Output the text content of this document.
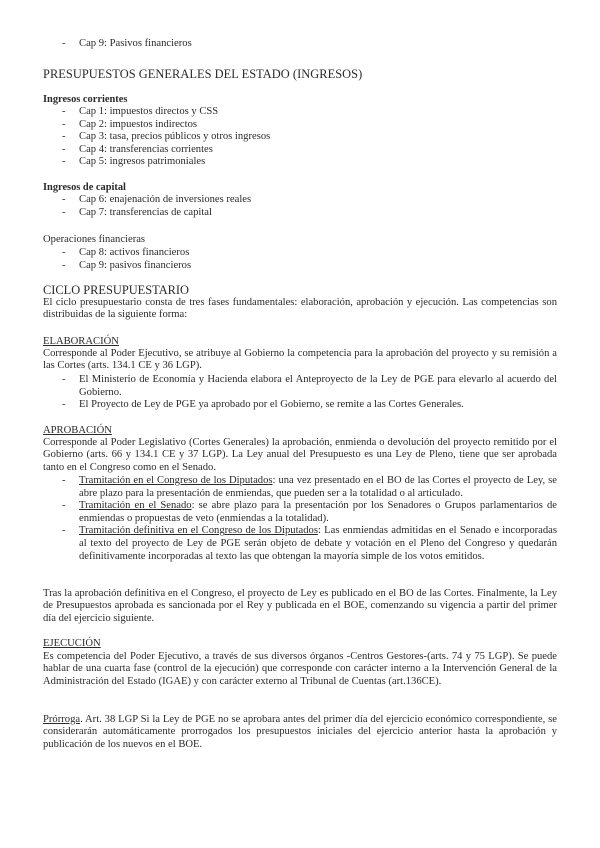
- Cap 9: Pasivos financieros
PRESUPUESTOS GENERALES DEL ESTADO (INGRESOS)
Ingresos corrientes
- Cap 1: impuestos directos y CSS
- Cap 2: impuestos indirectos
- Cap 3: tasa, precios públicos y otros ingresos
- Cap 4: transferencias corrientes
- Cap 5: ingresos patrimoniales
Ingresos de capital
- Cap 6: enajenación de inversiones reales
- Cap 7: transferencias de capital
Operaciones financieras
- Cap 8: activos financieros
- Cap 9: pasivos financieros
CICLO PRESUPUESTARIO

El ciclo presupuestario consta de tres fases fundamentales: elaboración, aprobación y ejecución. Las competencias son distribuidas de la siguiente forma:

ELABORACIÓN

Corresponde al Poder Ejecutivo, se atribuye al Gobierno la competencia para la aprobación del proyecto y su remisión a las Cortes (arts. 134.1 CE y 36 LGP).

- El Ministerio de Economía y Hacienda elabora el Anteproyecto de la Ley de PGE para elevarlo al acuerdo del Gobierno.
- El Proyecto de Ley de PGE ya aprobado por el Gobierno, se remite a las Cortes Generales.

APROBACIÓN

Corresponde al Poder Legislativo (Cortes Generales) la aprobación, enmienda o devolución del proyecto remitido por el Gobierno (arts. 66 y 134.1 CE y 37 LGP). La Ley anual del Presupuesto es una Ley de Pleno, tiene que ser aprobada tanto en el Congreso como en el Senado.

- Tramitación en el Congreso de los Diputados: una vez presentado en el BO de las Cortes el proyecto de Ley, se abre plazo para la presentación de enmiendas, que pueden ser a la totalidad o al articulado.
- Tramitación en el Senado: se abre plazo para la presentación por los Senadores o Grupos parlamentarios de enmiendas o propuestas de veto (enmiendas a la totalidad).
- Tramitación definitiva en el Congreso de los Diputados: Las enmiendas admitidas en el Senado e incorporadas al texto del proyecto de Ley de PGE serán objeto de debate y votación en el Pleno del Congreso y quedarán definitivamente incorporadas al texto las que obtengan la mayoría simple de los votos emitidos.

Tras la aprobación definitiva en el Congreso, el proyecto de Ley es publicado en el BO de las Cortes. Finalmente, la Ley de Presupuestos aprobada es sancionada por el Rey y publicada en el BOE, comenzando su vigencia a partir del primer día del ejercicio siguiente.

EJECUCIÓN

Es competencia del Poder Ejecutivo, a través de sus diversos órganos -Centros Gestores-(arts. 74 y 75 LGP). Se puede hablar de una cuarta fase (control de la ejecución) que corresponde con carácter interno a la Intervención General de la Administración del Estado (IGAE) y con carácter externo al Tribunal de Cuentas (art.136CE).

Prórroga. Art. 38 LGP Si la Ley de PGE no se aprobara antes del primer día del ejercicio económico correspondiente, se considerarán automáticamente prorrogados los presupuestos iniciales del ejercicio anterior hasta la aprobación y publicación de los nuevos en el BOE.
